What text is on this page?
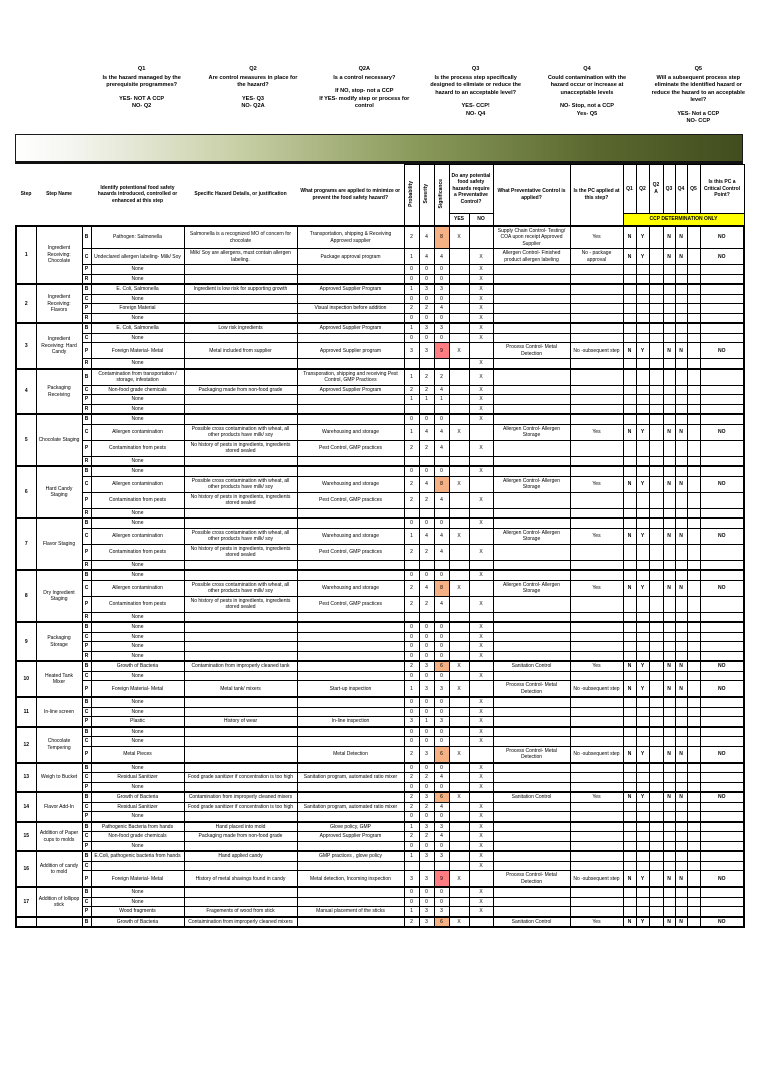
Q1
Is the hazard managed by the prerequisite programmes?
YES- NOT A CCP
NO- Q2
Q2
Are control measures in place for the hazard?
YES- Q3
NO- Q2A
Q2A
Is a control necessary?
If NO, stop- not a CCP
If YES- modify step or process for control
Q3
Is the process step specifically designed to elimiate or reduce the hazard to an acceptable level?
YES- CCP!
NO- Q4
Q4
Could contamination with the hazard occur or increase at unacceptable levels
NO- Stop, not a CCP
Yes- Q5
Q5
Will a subsequent process step eliminate the identified hazard or reduce the hazard to an acceptable level?
YES- Not a CCP
NO- CCP
Step	Step Name		Identify potentional food safety hazards introduced, controlled or enhanced at this step	Specific Hazard Details, or justification	What programs are applied to minimize or prevent the food safety hazard?	Probability	Severity	Significance	Do any potential food safety hazards require a Preventative Control?		What Preventative Control is applied?	Is the PC applied at this step?	Q1	Q2	Q2A	Q3	Q4	Q5	Is this PC a Critical Control Point?
									YES	NO			CCP DETERMINATION ONLY						
1	Ingredient Receiving: Chocolate	B	Pathogen: Salmonella	Salmonella is a recognized MO of concern for chocolate	Transportation, shipping & Receiving Approved supplier	2	4	8	X		Supply Chain Control- Testing/ COA upon receipt Approved Supplier	Yes	N	Y		N	N		NO
		C	Undeclared allergen labeling- Milk/ Soy	Milk/ Soy are allergens, must contain allergen labeling.	Package approval program	1	4	4		X	Allergen Control- Finished product allergen labeling	No - package approval	N	Y		N	N		NO
		P	None			0	0	0		X									
		R	None			0	0	0		X									
2	Ingredient Receiving: Flavors	B	E. Coli, Salmonella	Ingredient is low risk for supporting growth	Approved Supplier Program	1	3	3		X									
		C	None			0	0	0		X									
		P	Foreign Material		Visual inspection before addition	2	2	4		X									
		R	None			0	0	0		X									
3	Ingredient Receiving: Hard Candy	B	E. Coli, Salmonella	Low risk ingredients	Approved Supplier Program	1	3	3		X									
		C	None			0	0	0		X									
		P	Foreign Material- Metal	Metal included from supplier	Approved Supplier program	3	3	9	X		Process Control- Metal Detection	No -subsequent step	N	Y		N	N		NO
		R	None							X									
4	Packaging Receiving	B	Contamination from transportation / storage, infestation		Transporation, shipping and receiving Pest Control, GMP Practices	1	2	2		X									
		C	Non-food grade chemicals	Packaging made from non-food grade	Approved Supplier Program	2	2	4		X									
		P	None			1	1	1		X									
		R	None							X									
5	Chocolate Staging	B	None			0	0	0		X									
		C	Allergen contamination	Possible cross contamination with wheat, all other products have milk/ soy	Warehousing and storage	1	4	4	X		Allergen Control- Allergen Storage	Yes	N	Y		N	N		NO
		P	Contamination from pests	No history of pests in ingredients, ingredients stored sealed	Pest Control, GMP practices	2	2	4		X									
		R	None																
6	Hard Candy Staging	B	None			0	0	0		X									
		C	Allergen contamination	Possible cross contamination with wheat, all other products have milk/ soy	Warehousing and storage	2	4	8	X		Allergen Control- Allergen Storage	Yes	N	Y		N	N		NO
		P	Contamination from pests	No history of pests in ingredients, ingredients stored sealed	Pest Control, GMP practices	2	2	4		X									
		R	None																
7	Flavor Staging	B	None			0	0	0		X									
		C	Allergen contamination	Possible cross contamination with wheat, all other products have milk/ soy	Warehousing and storage	1	4	4	X		Allergen Control- Allergen Storage	Yes	N	Y		N	N		NO
		P	Contamination from pests	No history of pests in ingredients, ingredients stored sealed	Pest Control, GMP practices	2	2	4		X									
		R	None																
8	Dry Ingredient Staging	B	None			0	0	0		X									
		C	Allergen contamination	Possible cross contamination with wheat, all other products have milk/ soy	Warehousing and storage	2	4	8	X		Allergen Control- Allergen Storage	Yes	N	Y		N	N		NO
		P	Contamination from pests	No history of pests in ingredients, ingredients stored sealed	Pest Control, GMP practices	2	2	4		X									
		R	None																
9	Packaging Storage	B	None			0	0	0		X									
		C	None			0	0	0		X									
		P	None			0	0	0		X									
		R	None			0	0	0		X									
10	Heated Tank Mixer	B	Growth of Bacteria	Contamination from improperly cleaned tank		2	3	6	X		Sanitation Control	Yes	N	Y		N	N		NO
		C	None			0	0	0		X									
		P	Foreign Material- Metal	Metal tank/ mixers	Start-up inspection	1	3	3	X		Process Control- Metal Detection	No -subsequent step	N	Y		N	N		NO
11	In-line screen	B	None			0	0	0		X									
		C	None			0	0	0		X									
		P	Plastic	History of wear	In-line inspection	3	1	3		X									
12	Chocolate Tempering	B	None			0	0	0		X									
		C	None			0	0	0		X									
		P	Metal Pieces		Metal Detection	2	3	6	X		Process Control- Metal Detection	No -subsequent step	N	Y		N	N		NO
13	Weigh to Bucket	B	None			0	0	0		X									
		C	Residual Sanitizer	Food grade sanitizer if concentration is too high	Sanitation program, automated ratio mixer	2	2	4		X									
		P	None			0	0	0		X									
14	Flavor Add-In	B	Growth of Bacteria	Contamination from improperly cleaned mixers		2	3	6	X		Sanitation Control	Yes	N	Y		N	N		NO
		C	Residual Sanitizer	Food grade sanitizer if concentration is too high	Sanitation program, automated ratio mixer	2	2	4		X									
		P	None			0	0	0		X									
15	Addition of Paper cups to molds	B	Pathogenic Bacteria from hands	Hand placed into mold	Glove policy, GMP	1	3	3		X									
		C	Non-food grade chemicals	Packaging made from non-food grade	Approved Supplier Program	2	2	4		X									
		P	None			0	0	0		X									
16	Addition of candy to mold	B	E.Coli, pathogenic bacteria from hands	Hand applied candy	GMP practices , glove policy	1	3	3		X									
		C								X									
		P	Foreign Material- Metal	History of metal shavings found in candy	Metal detection, Incoming inspection	3	3	9	X		Process Control- Metal Detection	No -subsequent step	N	Y		N	N		NO
17	Addition of lollipop stick	B	None			0	0	0		X									
		C	None			0	0	0		X									
		P	Wood fragments	Fragements of wood from stick	Manual placement of the sticks	1	3	3		X									
		B	Growth of Bacteria	Contaimination from improperly cleaned mixers		2	3	6	X		Sanitation Control	Yes	N	Y		N	N		NO
